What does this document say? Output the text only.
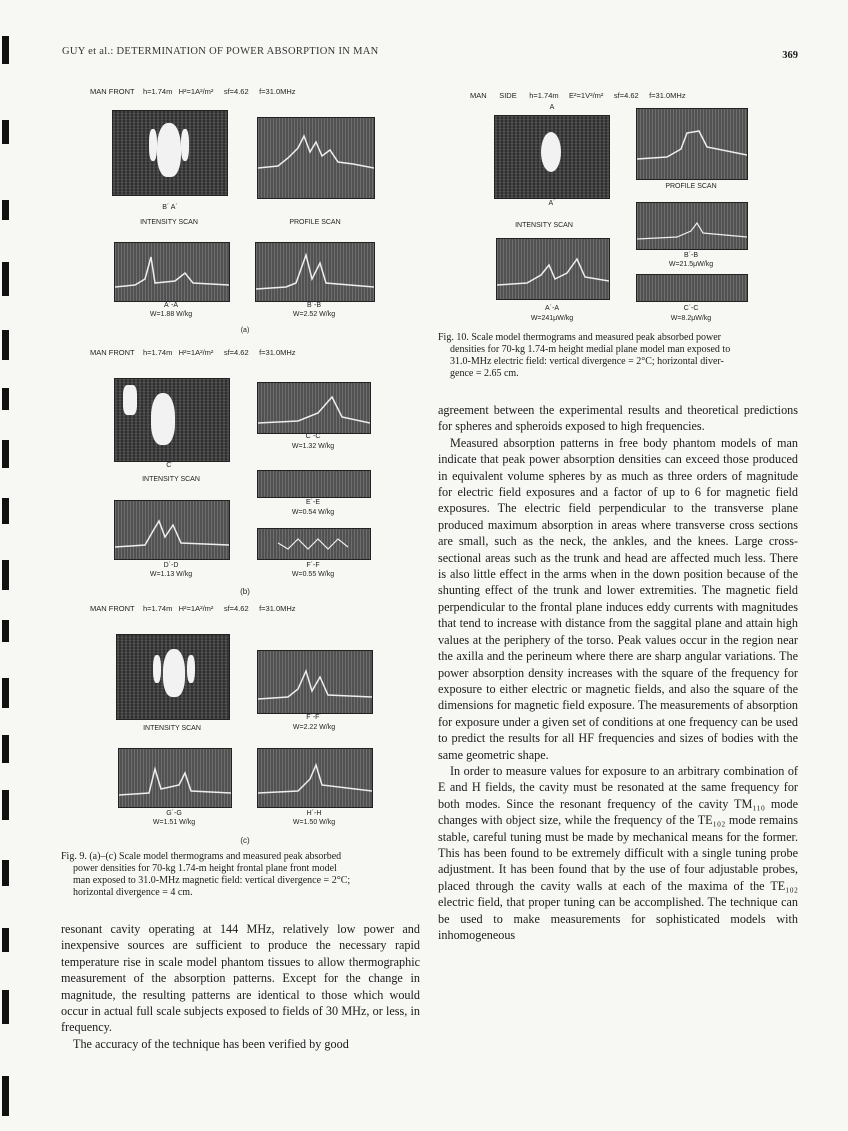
GUY et al.: DETERMINATION OF POWER ABSORPTION IN MAN	369
MAN FRONT h=1.74m H²=1A²/m² sf=4.62 f=31.0MHz
B´ A´
INTENSITY SCAN	PROFILE SCAN
A´-A
W=1.88 W/kg
B´-B
W=2.52 W/kg
(a)
MAN FRONT h=1.74m H²=1A²/m² sf=4.62 f=31.0MHz
C´
INTENSITY SCAN
C´-C
W=1.32 W/kg
E´-E
W=0.54 W/kg
D´-D
W=1.13 W/kg
F´-F
W=0.55 W/kg
(b)
MAN FRONT h=1.74m H²=1A²/m² sf=4.62 f=31.0MHz
INTENSITY SCAN
F´-F´
W=2.22 W/kg
G´-G
W=1.51 W/kg
H´-H
W=1.50 W/kg
(c)
Fig. 9. (a)–(c) Scale model thermograms and measured peak absorbed
power densities for 70-kg 1.74-m height frontal plane front model
man exposed to 31.0-MHz magnetic field: vertical divergence = 2°C;
horizontal divergence = 4 cm.
MAN SIDE h=1.74m E²=1V²/m² sf=4.62 f=31.0MHz
A
A´
INTENSITY SCAN
PROFILE SCAN
B´-B
W=21.5μW/kg
A´-A
W=241μW/kg
C´-C
W=8.2μW/kg
Fig. 10. Scale model thermograms and measured peak absorbed power
densities for 70-kg 1.74-m height medial plane model man exposed to
31.0-MHz electric field: vertical divergence = 2°C; horizontal diver-
gence = 2.65 cm.

resonant cavity operating at 144 MHz, relatively low power and inexpensive sources are sufficient to produce the necessary rapid temperature rise in scale model phantom tissues to allow thermographic measurement of the absorption patterns. Except for the change in magnitude, the resulting patterns are identical to those which would occur in actual full scale subjects exposed to fields of 30 MHz, or less, in frequency.

The accuracy of the technique has been verified by good

agreement between the experimental results and theoretical predictions for spheres and spheroids exposed to high frequencies.

Measured absorption patterns in free body phantom models of man indicate that peak power absorption densities can exceed those produced in equivalent volume spheres by as much as three orders of magnitude for electric field exposures and a factor of up to 6 for magnetic field exposures. The electric field perpendicular to the transverse plane produced maximum absorption in areas where transverse cross sections are small, such as the neck, the ankles, and the knees. Large cross-sectional areas such as the trunk and head are affected much less. There is also little effect in the arms when in the down position because of the shunting effect of the trunk and lower extremities. The magnetic field perpendicular to the frontal plane induces eddy currents with magnitudes that tend to increase with distance from the saggital plane and attain high values at the periphery of the torso. Peak values occur in the region near the axilla and the perineum where there are sharp angular variations. The power absorption density increases with the square of the frequency for exposure to either electric or magnetic fields, and also the square of the dimensions for magnetic field exposure. The measurements of absorption for exposure under a given set of conditions at one frequency can be used to predict the results for all HF frequencies and sizes of bodies with the same geometric shape.

In order to measure values for exposure to an arbitrary combination of E and H fields, the cavity must be resonated at the same frequency for both modes. Since the resonant frequency of the cavity TM₁₁₀ mode changes with object size, while the frequency of the TE₁₀₂ mode remains stable, careful tuning must be made by mechanical means for the former. This has been found to be extremely difficult with a single tuning probe adjustment. It has been found that by the use of four adjustable probes, placed through the cavity walls at each of the maxima of the TE₁₀₂ electric field, that proper tuning can be accomplished. The technique can be used to make measurements for sophisticated models with inhomogeneous
